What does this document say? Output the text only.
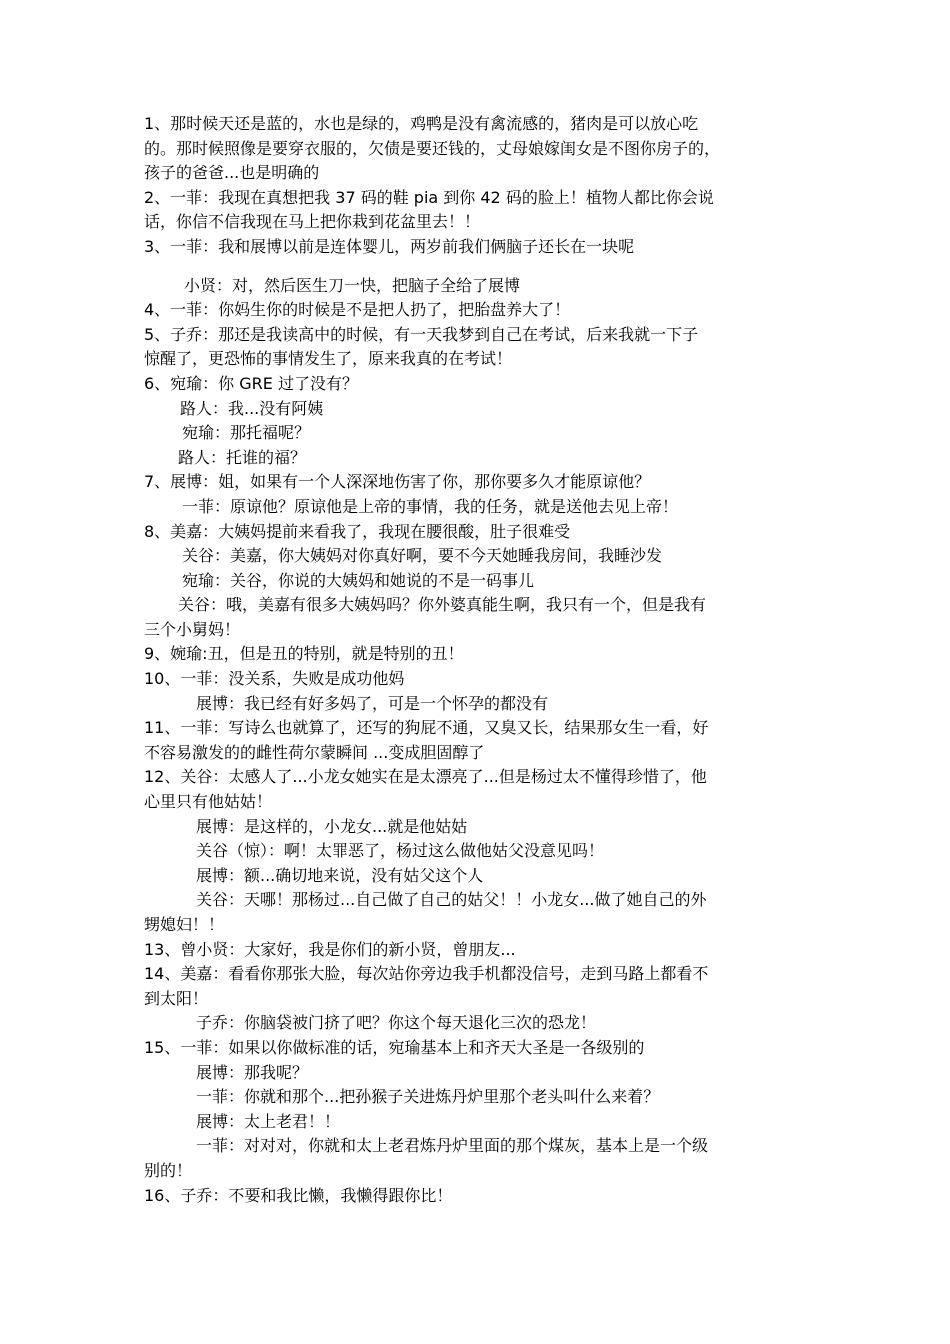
1、那时候天还是蓝的，水也是绿的，鸡鸭是没有禽流感的，猪肉是可以放心吃
的。那时候照像是要穿衣服的，欠债是要还钱的，丈母娘嫁闺女是不图你房子的，
孩子的爸爸...也是明确的
2、一菲：我现在真想把我 37 码的鞋 pia 到你 42 码的脸上！植物人都比你会说
话，你信不信我现在马上把你栽到花盆里去！！
3、一菲：我和展博以前是连体婴儿，两岁前我们俩脑子还长在一块呢
小贤：对，然后医生刀一快，把脑子全给了展博
4、一菲：你妈生你的时候是不是把人扔了，把胎盘养大了！
5、子乔：那还是我读高中的时候，有一天我梦到自己在考试，后来我就一下子
惊醒了，更恐怖的事情发生了，原来我真的在考试！
6、宛瑜：你 GRE 过了没有？
路人：我...没有阿姨
宛瑜：那托福呢？
路人：托谁的福？
7、展博：姐，如果有一个人深深地伤害了你，那你要多久才能原谅他？
一菲：原谅他？原谅他是上帝的事情，我的任务，就是送他去见上帝！
8、美嘉：大姨妈提前来看我了，我现在腰很酸，肚子很难受
关谷：美嘉，你大姨妈对你真好啊，要不今天她睡我房间，我睡沙发
宛瑜：关谷，你说的大姨妈和她说的不是一码事儿
关谷：哦，美嘉有很多大姨妈吗？你外婆真能生啊，我只有一个，但是我有
三个小舅妈！
9、婉瑜:丑，但是丑的特别，就是特别的丑！
10、一菲：没关系，失败是成功他妈
展博：我已经有好多妈了，可是一个怀孕的都没有
11、一菲：写诗么也就算了，还写的狗屁不通，又臭又长，结果那女生一看，好
不容易激发的的雌性荷尔蒙瞬间 ...变成胆固醇了
12、关谷：太感人了...小龙女她实在是太漂亮了...但是杨过太不懂得珍惜了，他
心里只有他姑姑！
展博：是这样的，小龙女...就是他姑姑
关谷（惊）：啊！太罪恶了，杨过这么做他姑父没意见吗！
展博：额...确切地来说，没有姑父这个人
关谷：天哪！那杨过...自己做了自己的姑父！！小龙女...做了她自己的外
甥媳妇！！
13、曾小贤：大家好，我是你们的新小贤，曾朋友...
14、美嘉：看看你那张大脸，每次站你旁边我手机都没信号，走到马路上都看不
到太阳！
子乔：你脑袋被门挤了吧？你这个每天退化三次的恐龙！
15、一菲：如果以你做标准的话，宛瑜基本上和齐天大圣是一各级别的
展博：那我呢？
一菲：你就和那个...把孙猴子关进炼丹炉里那个老头叫什么来着？
展博：太上老君！！
一菲：对对对，你就和太上老君炼丹炉里面的那个煤灰，基本上是一个级
别的！
16、子乔：不要和我比懒，我懒得跟你比！
